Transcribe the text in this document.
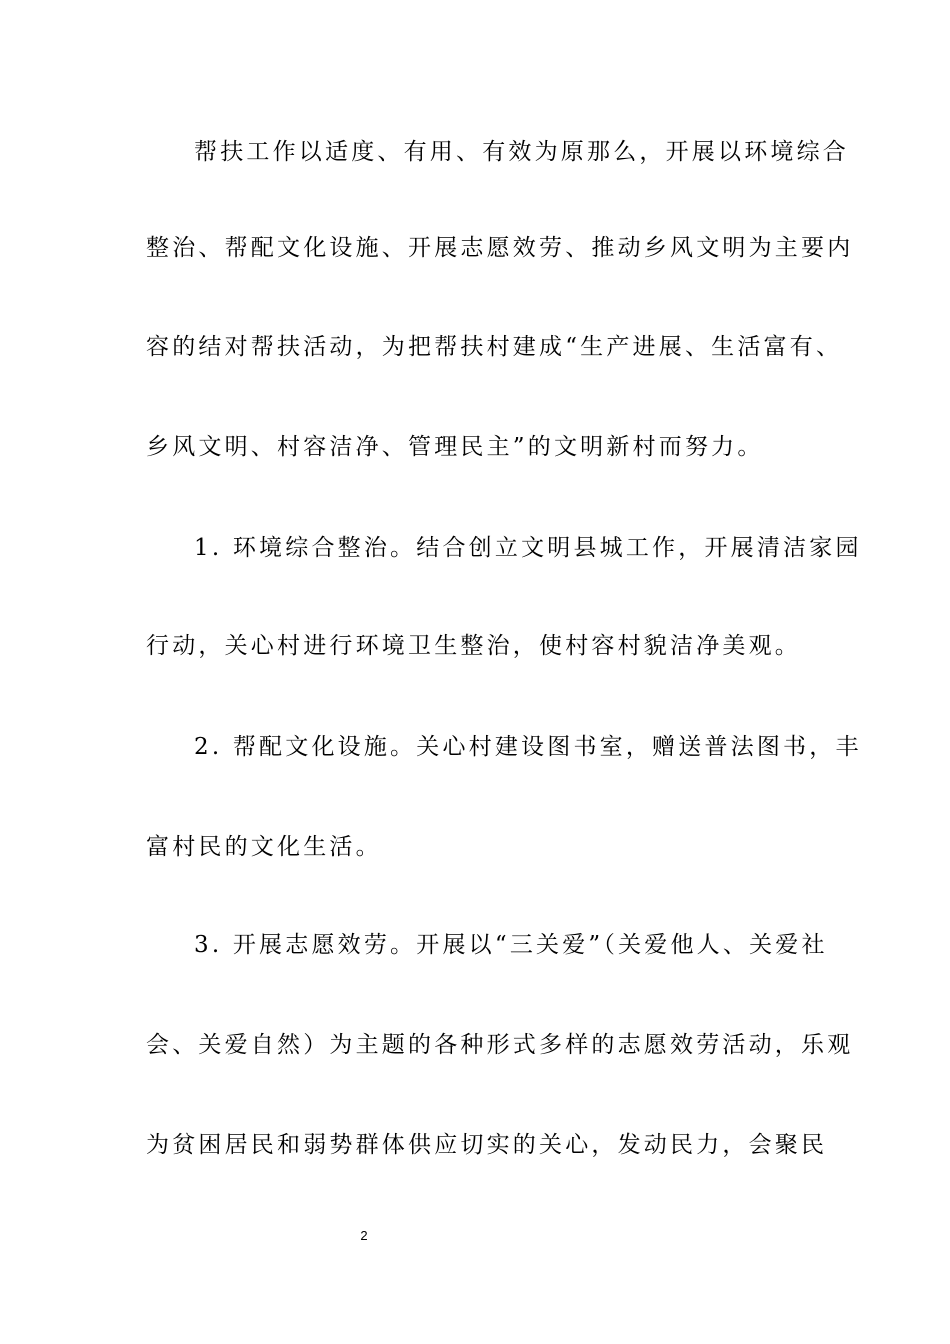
帮扶工作以适度、有用、有效为原那么，开展以环境综合
整治、帮配文化设施、开展志愿效劳、推动乡风文明为主要内
容的结对帮扶活动，为把帮扶村建成“生产进展、生活富有、
乡风文明、村容洁净、管理民主”的文明新村而努力。
1. 环境综合整治。结合创立文明县城工作，开展清洁家园
行动，关心村进行环境卫生整治，使村容村貌洁净美观。
2. 帮配文化设施。关心村建设图书室，赠送普法图书，丰
富村民的文化生活。
3. 开展志愿效劳。开展以“三关爱”（关爱他人、关爱社
会、关爱自然）为主题的各种形式多样的志愿效劳活动，乐观
为贫困居民和弱势群体供应切实的关心，发动民力，会聚民
2
